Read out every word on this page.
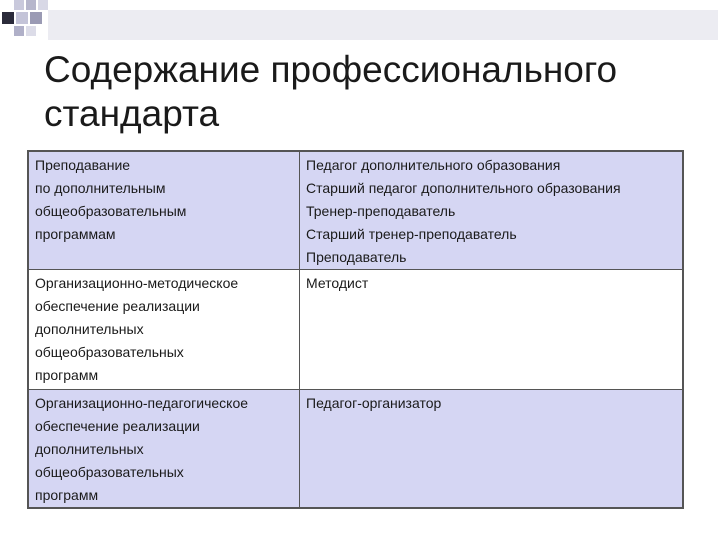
Содержание профессионального
стандарта
Преподавание
по дополнительным
общеобразовательным
программам	Педагог дополнительного образования
Старший педагог дополнительного образования
Тренер-преподаватель
Старший тренер-преподаватель
Преподаватель

Организационно-методическое
обеспечение реализации
дополнительных
общеобразовательных
программ	Методист

Организационно-педагогическое
обеспечение реализации
дополнительных
общеобразовательных
программ	Педагог-организатор
